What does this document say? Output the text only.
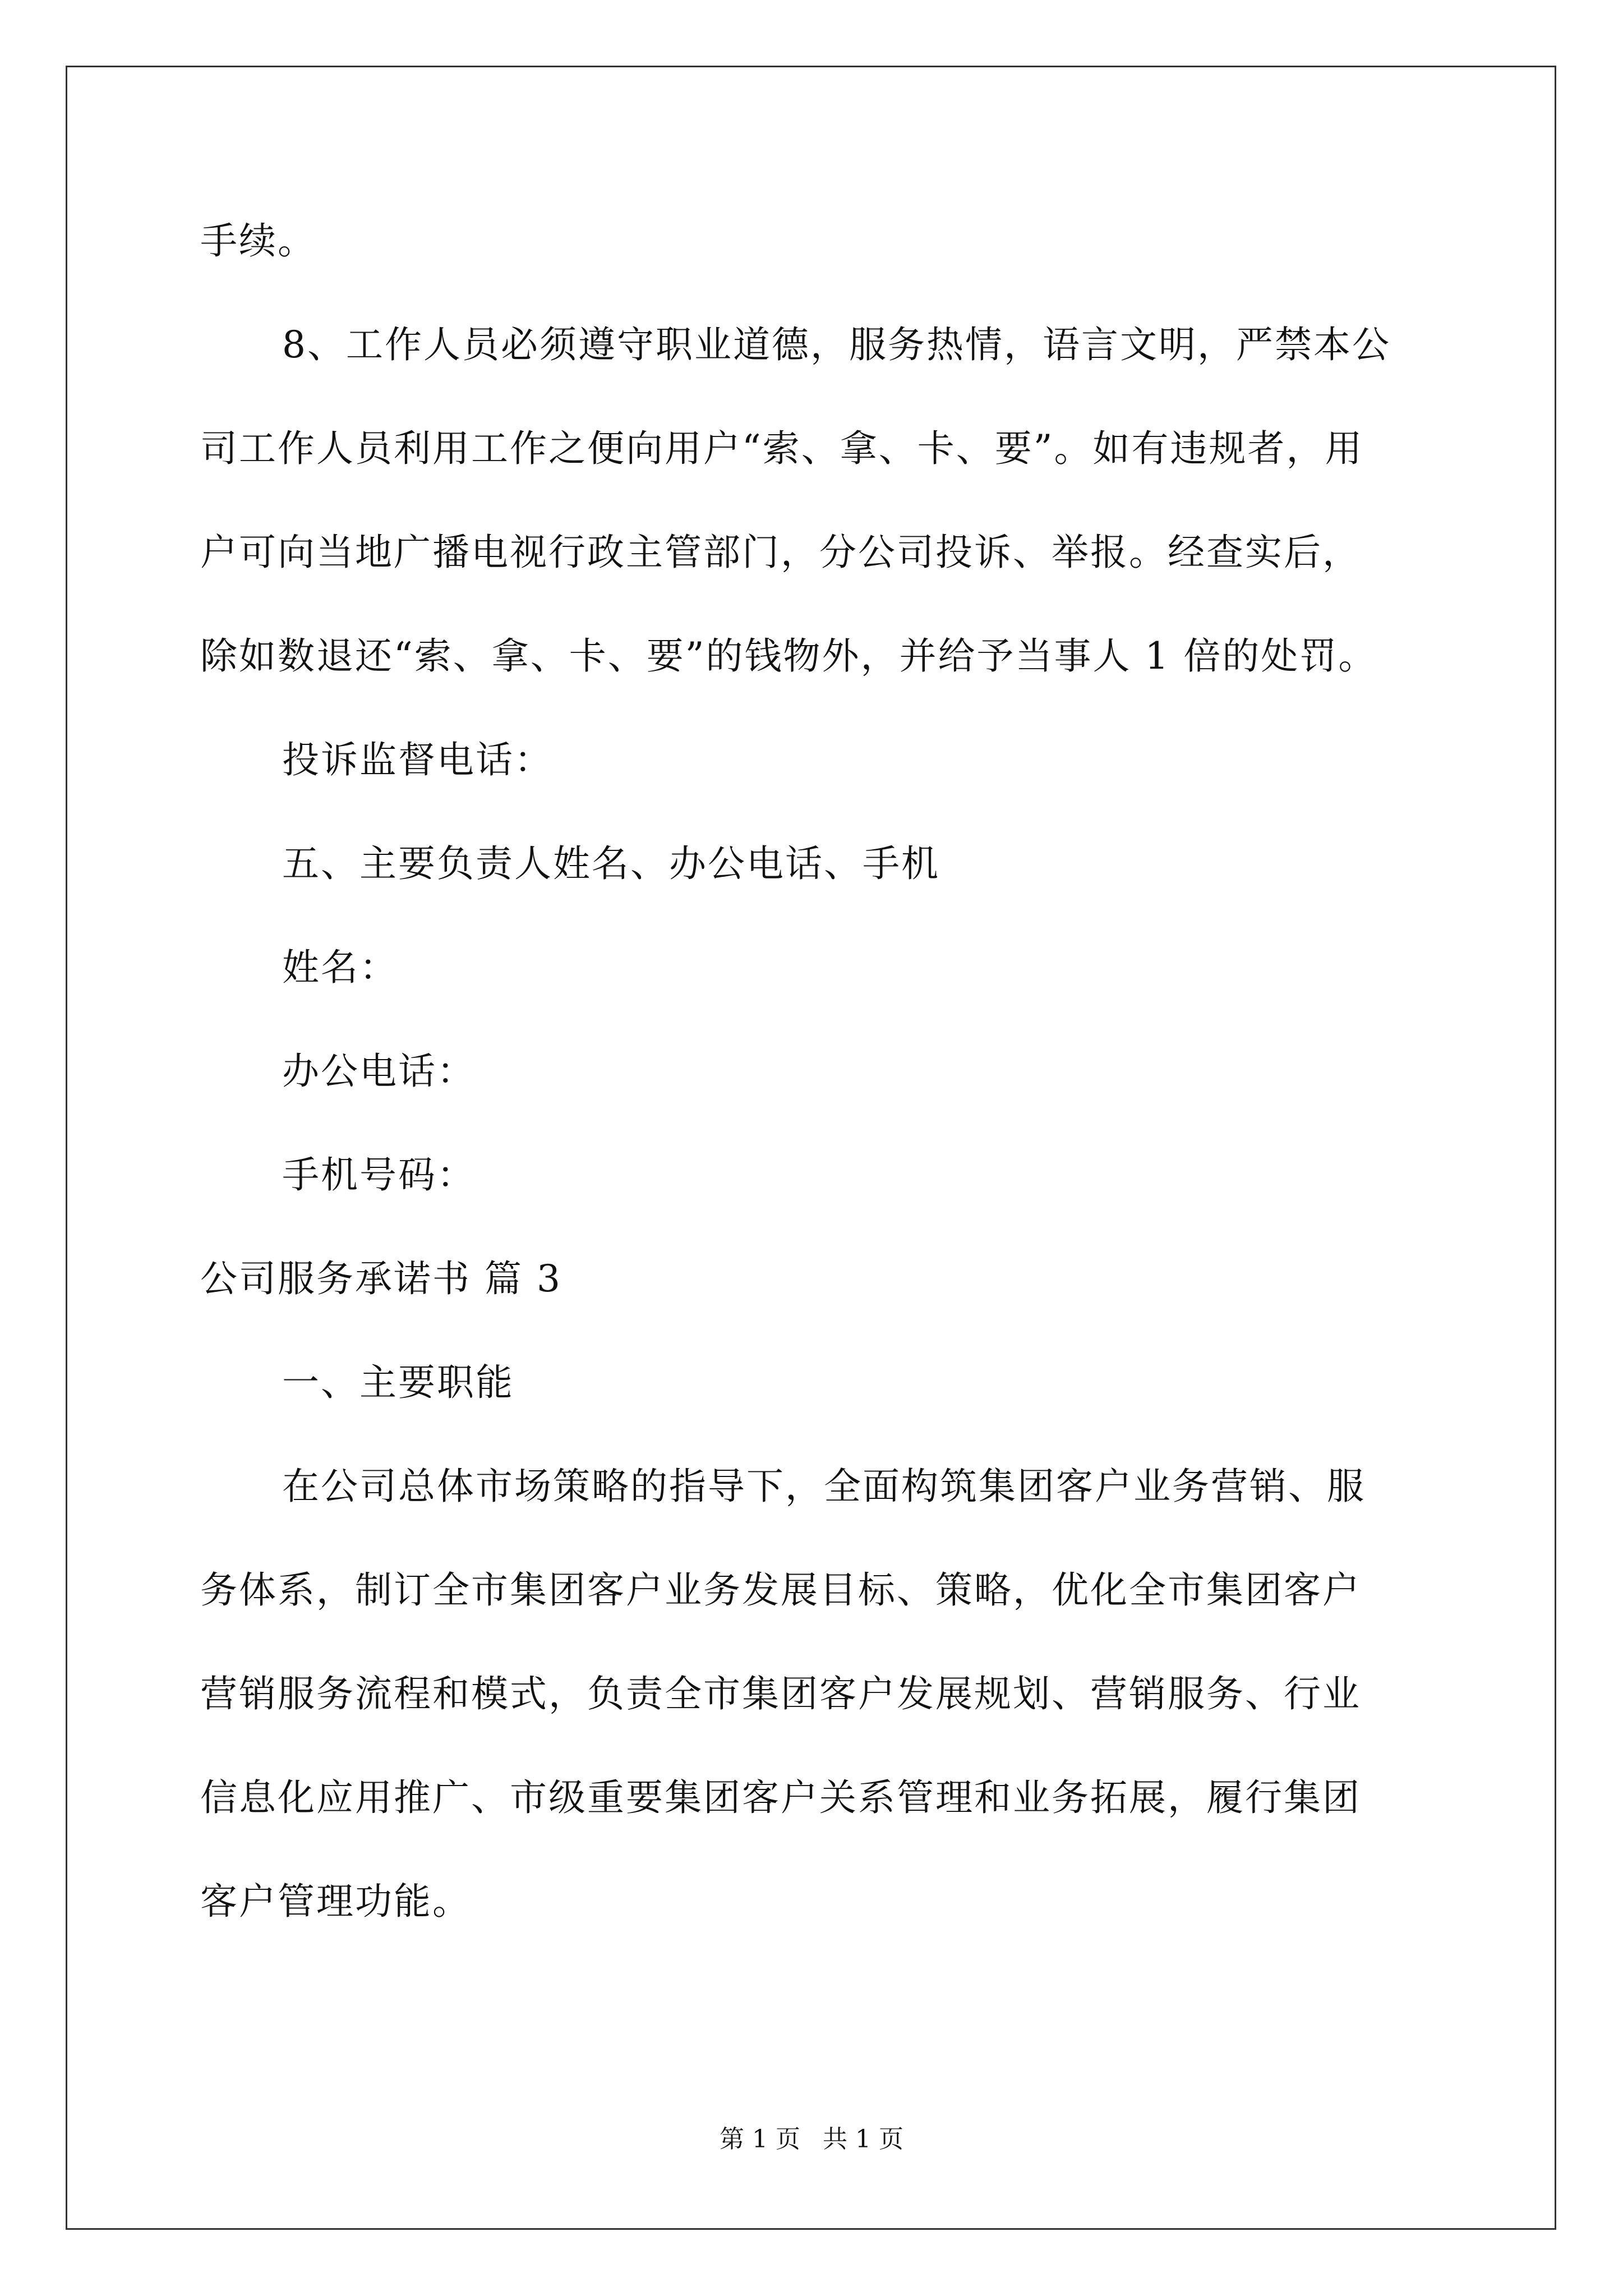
手续。
8、工作人员必须遵守职业道德，服务热情，语言文明，严禁本公
司工作人员利用工作之便向用户“索、拿、卡、要”。如有违规者，用
户可向当地广播电视行政主管部门，分公司投诉、举报。经查实后，
除如数退还“索、拿、卡、要”的钱物外，并给予当事人 1 倍的处罚。
投诉监督电话：
五、主要负责人姓名、办公电话、手机
姓名：
办公电话：
手机号码：
公司服务承诺书 篇 3
一、主要职能
在公司总体市场策略的指导下，全面构筑集团客户业务营销、服
务体系，制订全市集团客户业务发展目标、策略，优化全市集团客户
营销服务流程和模式，负责全市集团客户发展规划、营销服务、行业
信息化应用推广、市级重要集团客户关系管理和业务拓展，履行集团
客户管理功能。
第 1 页 共 1 页
